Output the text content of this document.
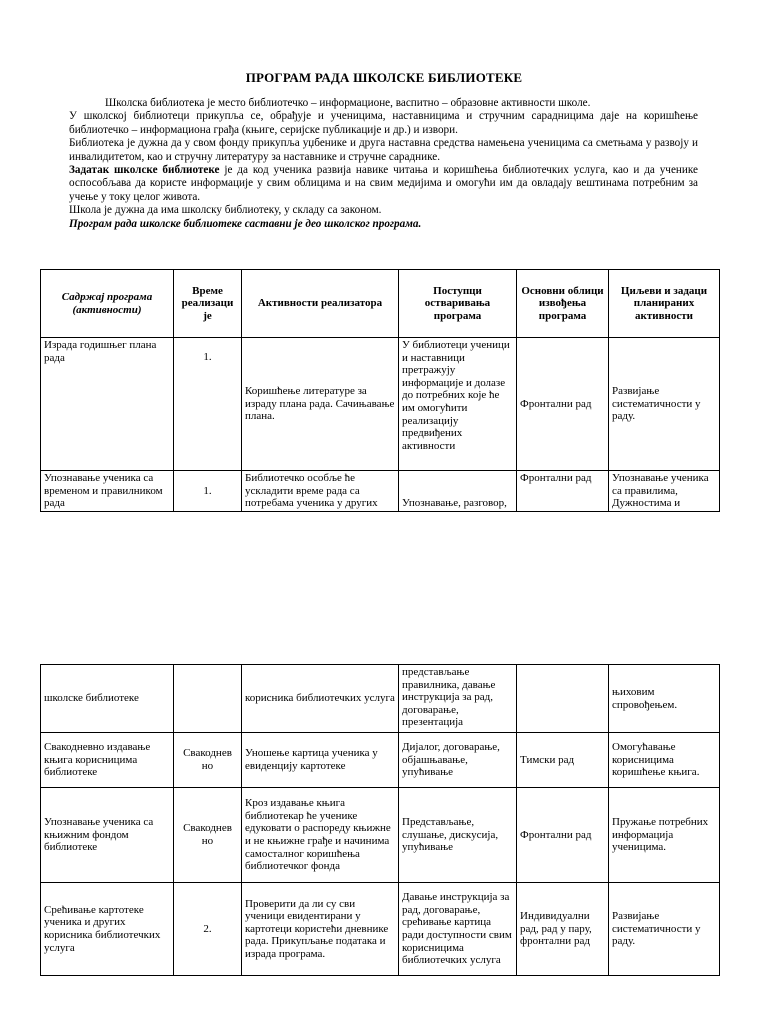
ПРОГРАМ РАДА ШКОЛСКЕ БИБЛИОТЕКЕ

Школска библиотека је место библиотечко – информационе, васпитно – образовне активности школе.

У школској библиотеци прикупља се, обрађује и ученицима, наставницима и стручним сарадницима даје на коришћење библиотечко – информациона грађа (књиге, серијске публикације и др.) и извори.

Библиотека је дужна да у свом фонду прикупља уџбенике и друга наставна средства намењена ученицима са сметњама у развоју и инвалидитетом, као и стручну литературу за наставнике и стручне сараднике.

Задатак школске библиотеке је да код ученика развија навике читања и коришћења библиотечких услуга, као и да ученике оспособљава да користе информације у свим облицима и на свим медијима и омогући им да овладају вештинама потребним за учење у току целог живота.

Школа је дужна да има школску библиотеку, у складу са законом.

Програм рада школске библиотеке саставни је део школског програма.

Садржај програма (активности)	Време реализаци је	Активности реализатора	Поступци остваривања програма	Основни облици извођења програма	Циљеви и задаци планираних активности
Израда годишњег плана рада	1.	Коришћење литературе за израду плана рада. Сачињавање плана.	У библиотеци ученици и наставници претражују информације и долазе до потребних које ће им омогућити реализацију предвиђених активности	Фронтални рад	Развијање систематичности у раду.
Упознавање ученика са временом и правилником рада	1.	Библиотечко особље ће ускладити време рада са потребама ученика у других	Упознавање, разговор,	Фронтални рад	Упознавање ученика са правилима, Дужностима и
школске библиотеке		корисника библиотечких услуга	представљање правилника, давање инструкција за рад, договарање, презентација		њиховим спровођењем.
Свакодневно издавање књига корисницима библиотеке	Свакоднев но	Уношење картица ученика у евиденцију картотеке	Дијалог, договарање, објашњавање, упућивање	Тимски рад	Омогућавање корисницима коришћење књига.
Упознавање ученика са књижним фондом библиотеке	Свакоднев но	Кроз издавање књига библиотекар ће ученике едуковати о распореду књижне и не књижне грађе и начинима самосталног коришћења библиотечког фонда	Представљање, слушање, дискусија, упућивање	Фронтални рад	Пружање потребних информација ученицима.
Срећивање картотеке ученика и других корисника библиотечких услуга	2.	Проверити да ли су сви ученици евидентирани у картотеци користећи дневнике рада. Прикупљање података и израда програма.	Давање инструкција за рад, договарање, срећивање картица ради доступности свим корисницима библиотечких услуга	Индивидуални рад, рад у пару, фронтални рад	Развијање систематичности у раду.
